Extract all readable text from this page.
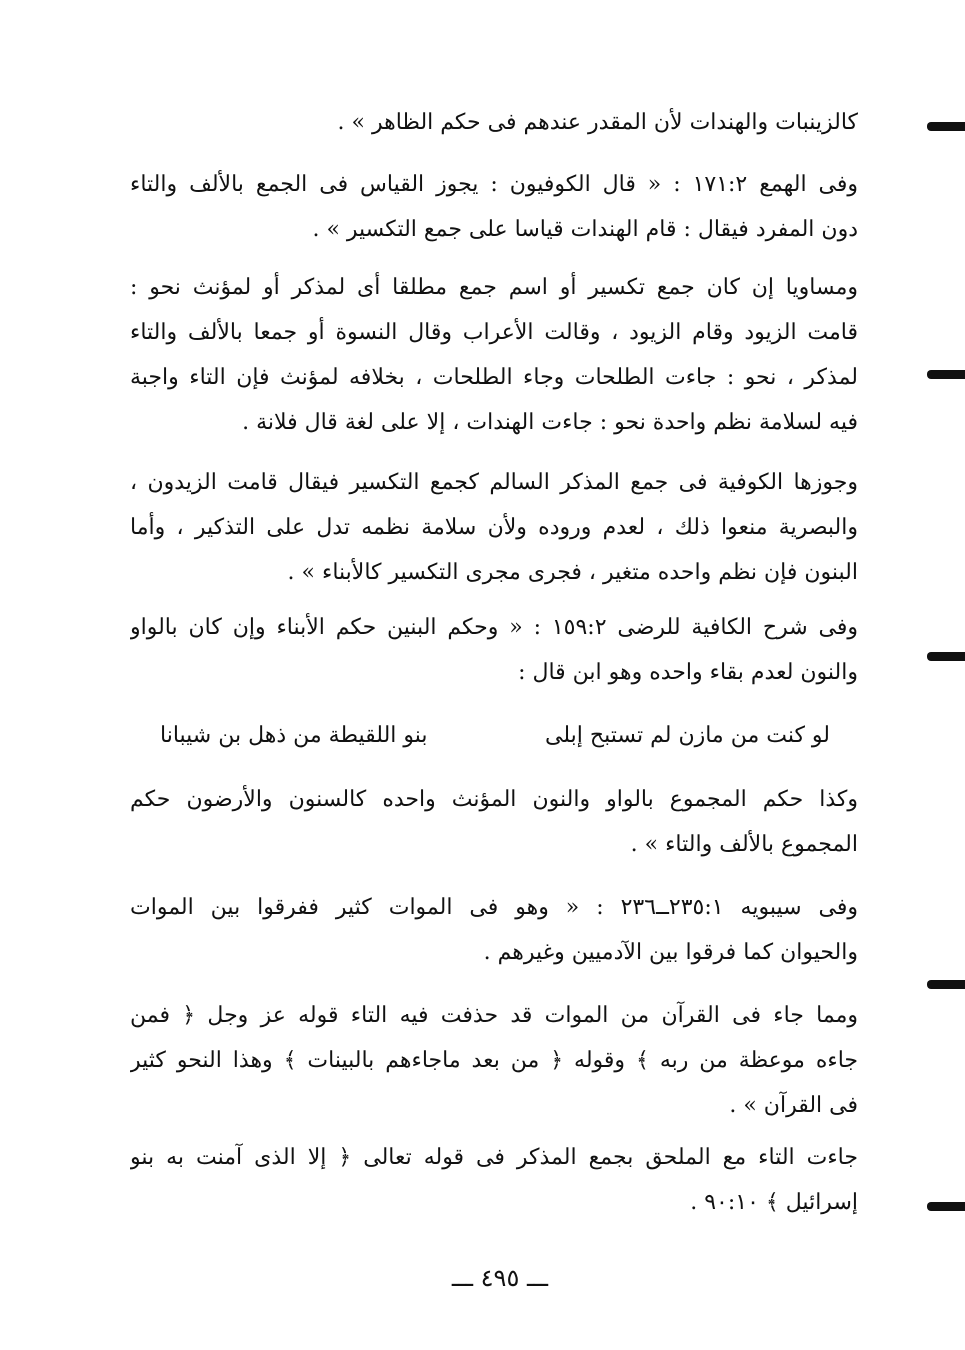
كالزينبات والهندات لأن المقدر عندهم فى حكم الظاهر » .
وفى الهمع ١٧١:٢ : « قال الكوفيون : يجوز القياس فى الجمع بالألف والتاء
دون المفرد فيقال : قام الهندات قياسا على جمع التكسير » .
ومساويا إن كان جمع تكسير أو اسم جمع مطلقا أى لمذكر أو لمؤنث نحو :
قامت الزيود وقام الزيود ، وقالت الأعراب وقال النسوة أو جمعا بالألف والتاء
لمذكر ، نحو : جاءت الطلحات وجاء الطلحات ، بخلافه لمؤنث فإن التاء واجبة
فيه لسلامة نظم واحدة نحو : جاءت الهندات ، إلا على لغة قال فلانة .
وجوزها الكوفية فى جمع المذكر السالم كجمع التكسير فيقال قامت الزيدون ،
والبصرية منعوا ذلك ، لعدم وروده ولأن سلامة نظمه تدل على التذكير ، وأما
البنون فإن نظم واحده متغير ، فجرى مجرى التكسير كالأبناء » .
وفى شرح الكافية للرضى ١٥٩:٢ : « وحكم البنين حكم الأبناء وإن كان بالواو
والنون لعدم بقاء واحده وهو ابن قال :
لو كنت من مازن لم تستبح إبلى
بنو اللقيطة من ذهل بن شيبانا
وكذا حكم المجموع بالواو والنون المؤنث واحده كالسنون والأرضون حكم
المجموع بالألف والتاء » .
وفى سيبويه ٢٣٥:١ــ٢٣٦ : « وهو فى الموات كثير ففرقوا بين الموات
والحيوان كما فرقوا بين الآدميين وغيرهم .
ومما جاء فى القرآن من الموات قد حذفت فيه التاء قوله عز وجل ﴿ فمن
جاءه موعظة من ربه ﴾ وقوله ﴿ من بعد ماجاءهم بالبينات ﴾ وهذا النحو كثير
فى القرآن » .
جاءت التاء مع الملحق بجمع المذكر فى قوله تعالى ﴿ إلا الذى آمنت به بنو
إسرائيل ﴾ ٩٠:١٠ .
ـــ ٤٩٥ ـــ
